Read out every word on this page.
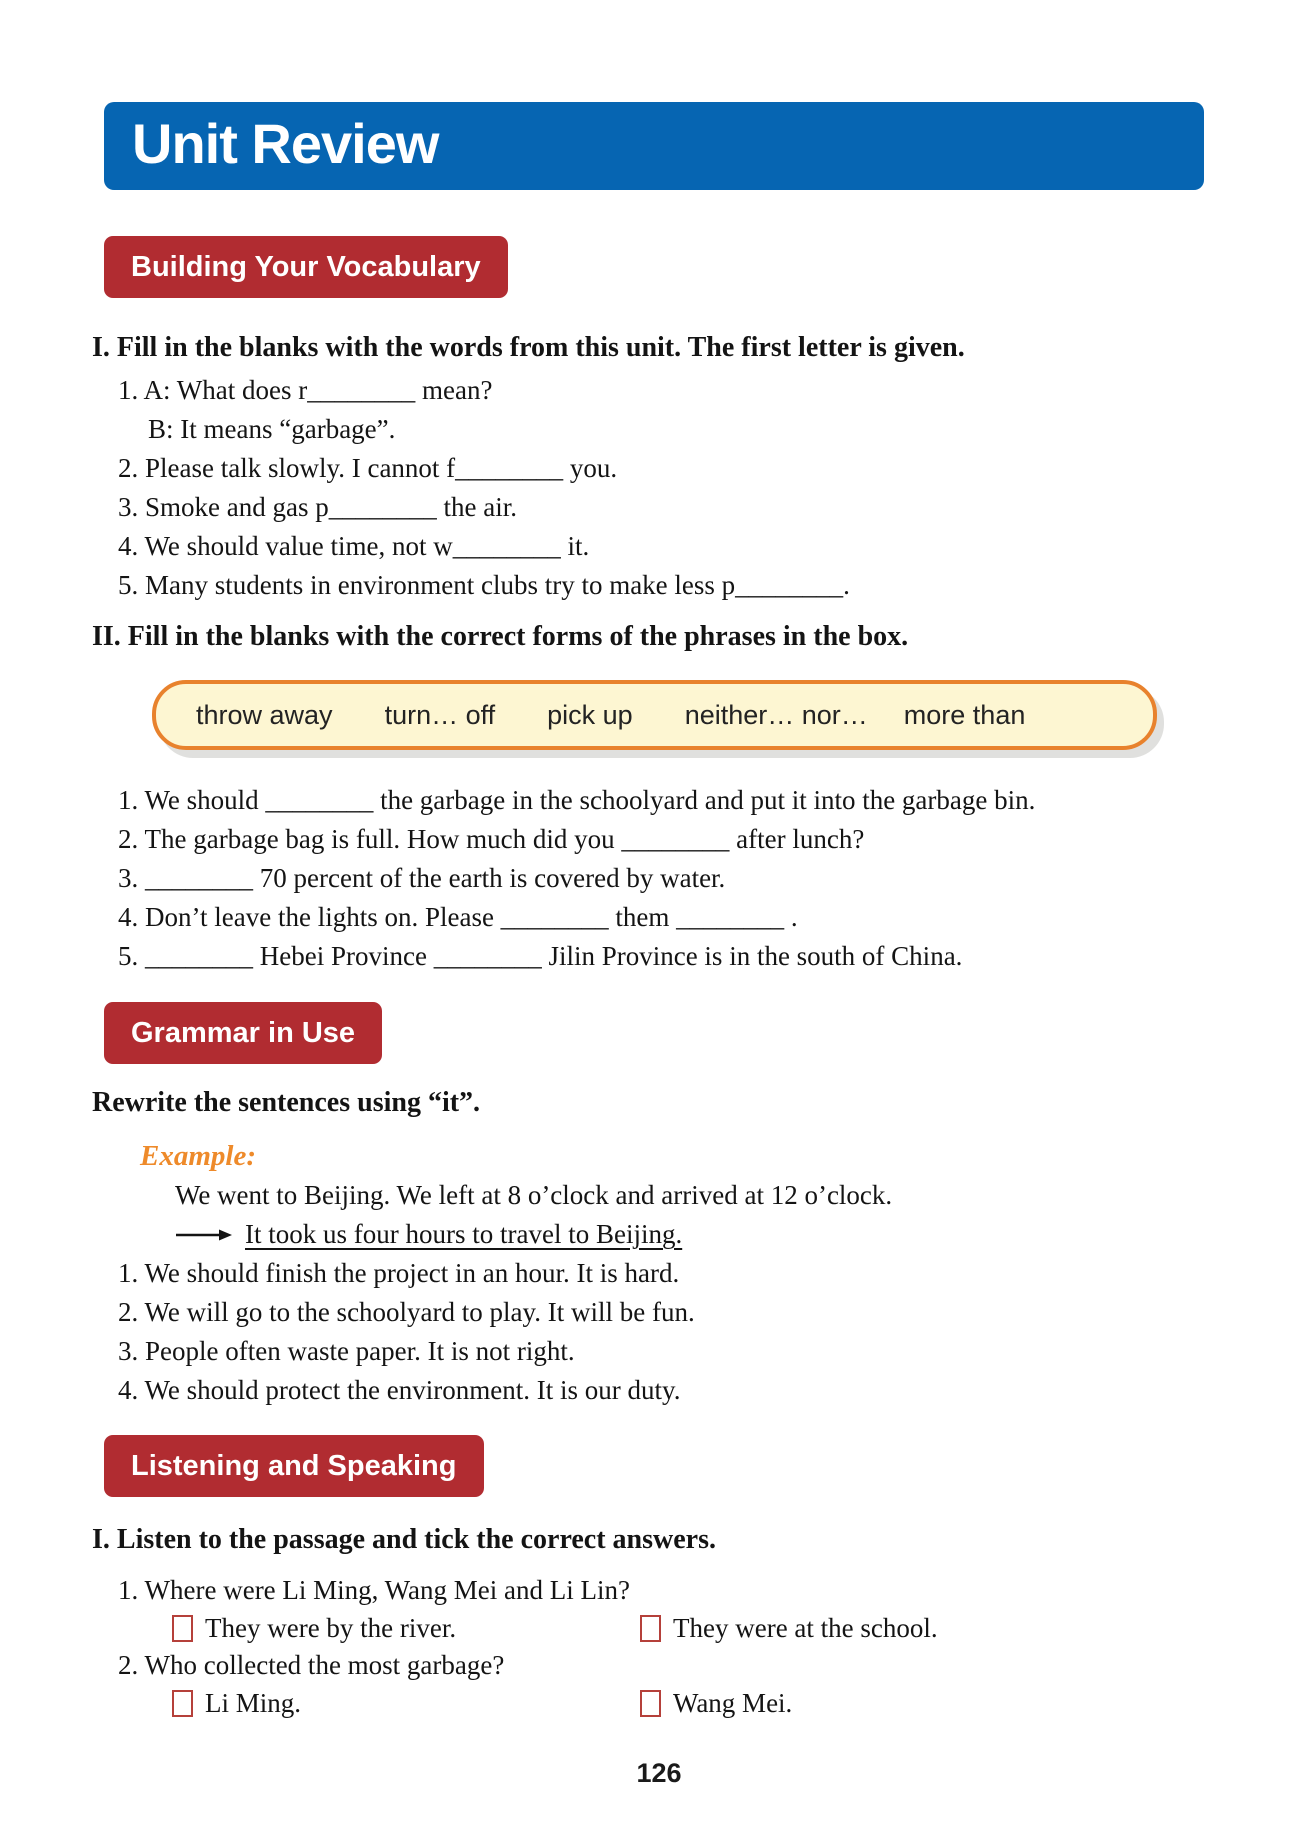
Unit Review
Building Your Vocabulary
I. Fill in the blanks with the words from this unit. The first letter is given.
1. A: What does r________ mean?
B: It means “garbage”.
2. Please talk slowly. I cannot f________ you.
3. Smoke and gas p________ the air.
4. We should value time, not w________ it.
5. Many students in environment clubs try to make less p________.
II. Fill in the blanks with the correct forms of the phrases in the box.
throw away turn… off pick up neither… nor… more than
1. We should ________ the garbage in the schoolyard and put it into the garbage bin.
2. The garbage bag is full. How much did you ________ after lunch?
3. ________ 70 percent of the earth is covered by water.
4. Don’t leave the lights on. Please ________ them ________ .
5. ________ Hebei Province ________ Jilin Province is in the south of China.
Grammar in Use
Rewrite the sentences using “it”.
Example:
We went to Beijing. We left at 8 o’clock and arrived at 12 o’clock.
It took us four hours to travel to Beijing.
1. We should finish the project in an hour. It is hard.
2. We will go to the schoolyard to play. It will be fun.
3. People often waste paper. It is not right.
4. We should protect the environment. It is our duty.
Listening and Speaking
I. Listen to the passage and tick the correct answers.
1. Where were Li Ming, Wang Mei and Li Lin?
They were by the river.	They were at the school.
2. Who collected the most garbage?
Li Ming.	Wang Mei.
126
